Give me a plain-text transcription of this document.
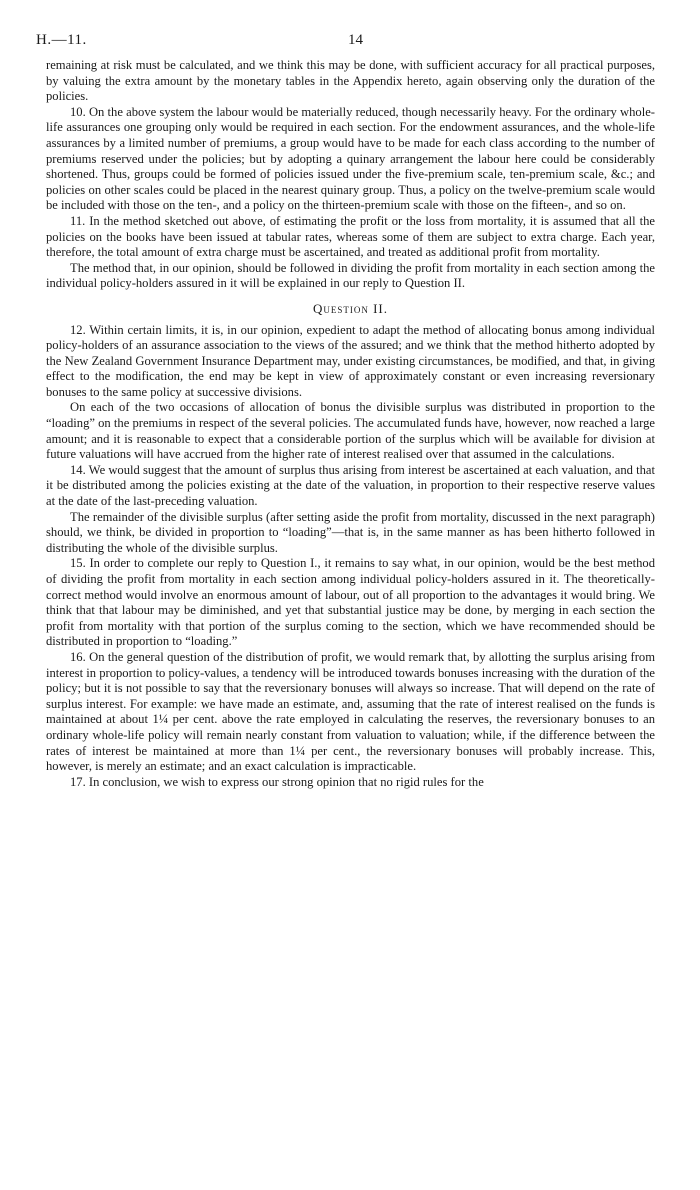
H.—11.	14

remaining at risk must be calculated, and we think this may be done, with sufficient accuracy for all practical purposes, by valuing the extra amount by the monetary tables in the Appendix hereto, again observing only the duration of the policies.

10. On the above system the labour would be materially reduced, though necessarily heavy. For the ordinary whole-life assurances one grouping only would be required in each section. For the endowment assurances, and the whole-life assurances by a limited number of premiums, a group would have to be made for each class according to the number of premiums reserved under the policies; but by adopting a quinary arrangement the labour here could be considerably shortened. Thus, groups could be formed of policies issued under the five-premium scale, ten-premium scale, &c.; and policies on other scales could be placed in the nearest quinary group. Thus, a policy on the twelve-premium scale would be included with those on the ten-, and a policy on the thirteen-premium scale with those on the fifteen-, and so on.

11. In the method sketched out above, of estimating the profit or the loss from mortality, it is assumed that all the policies on the books have been issued at tabular rates, whereas some of them are subject to extra charge. Each year, therefore, the total amount of extra charge must be ascertained, and treated as additional profit from mortality.

The method that, in our opinion, should be followed in dividing the profit from mortality in each section among the individual policy-holders assured in it will be explained in our reply to Question II.

Question II.

12. Within certain limits, it is, in our opinion, expedient to adapt the method of allocating bonus among individual policy-holders of an assurance association to the views of the assured; and we think that the method hitherto adopted by the New Zealand Government Insurance Department may, under existing circumstances, be modified, and that, in giving effect to the modification, the end may be kept in view of approximately constant or even increasing reversionary bonuses to the same policy at successive divisions.

On each of the two occasions of allocation of bonus the divisible surplus was distributed in proportion to the “loading” on the premiums in respect of the several policies. The accumulated funds have, however, now reached a large amount; and it is reasonable to expect that a considerable portion of the surplus which will be available for division at future valuations will have accrued from the higher rate of interest realised over that assumed in the calculations.

14. We would suggest that the amount of surplus thus arising from interest be ascertained at each valuation, and that it be distributed among the policies existing at the date of the valuation, in proportion to their respective reserve values at the date of the last-preceding valuation.

The remainder of the divisible surplus (after setting aside the profit from mortality, discussed in the next paragraph) should, we think, be divided in proportion to “loading”—that is, in the same manner as has been hitherto followed in distributing the whole of the divisible surplus.

15. In order to complete our reply to Question I., it remains to say what, in our opinion, would be the best method of dividing the profit from mortality in each section among individual policy-holders assured in it. The theoretically-correct method would involve an enormous amount of labour, out of all proportion to the advantages it would bring. We think that that labour may be diminished, and yet that substantial justice may be done, by merging in each section the profit from mortality with that portion of the surplus coming to the section, which we have recommended should be distributed in proportion to “loading.”

16. On the general question of the distribution of profit, we would remark that, by allotting the surplus arising from interest in proportion to policy-values, a tendency will be introduced towards bonuses increasing with the duration of the policy; but it is not possible to say that the reversionary bonuses will always so increase. That will depend on the rate of surplus interest. For example: we have made an estimate, and, assuming that the rate of interest realised on the funds is maintained at about 1¼ per cent. above the rate employed in calculating the reserves, the reversionary bonuses to an ordinary whole-life policy will remain nearly constant from valuation to valuation; while, if the difference between the rates of interest be maintained at more than 1¼ per cent., the reversionary bonuses will probably increase. This, however, is merely an estimate; and an exact calculation is impracticable.

17. In conclusion, we wish to express our strong opinion that no rigid rules for the
